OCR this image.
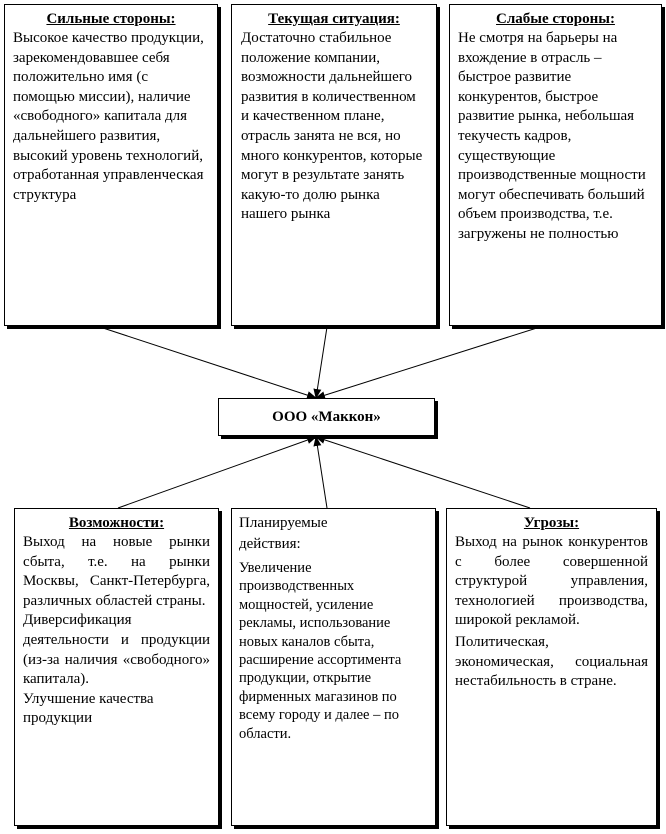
Сильные стороны:

Высокое качество продукции, зарекомендовавшее себя положительно имя (с помощью миссии), наличие «свободного» капитала для дальнейшего развития, высокий уровень технологий, отработанная управленческая структура

Текущая ситуация:

Достаточно стабильное положение компании, возможности дальнейшего развития в количественном и качественном плане, отрасль занята не вся, но много конкурентов, которые могут в результате занять какую-то долю рынка нашего рынка

Слабые стороны:

Не смотря на барьеры на вхождение в отрасль – быстрое развитие конкурентов, быстрое развитие рынка, небольшая текучесть кадров, существующие производственные мощности могут обеспечивать больший объем производства, т.е. загружены не полностью

ООО «Маккон»
Возможности:

Выход на новые рынки сбыта, т.е. на рынки Москвы, Санкт-Петербурга, различных областей страны.

Диверсификация деятельности и продукции (из-за наличия «свободного» капитала).

Улучшение качества продукции

Планируемые
действия:

Увеличение производственных мощностей, усиление рекламы, использование новых каналов сбыта, расширение ассортимента продукции, открытие фирменных магазинов по всему городу и далее – по области.

Угрозы:

Выход на рынок конкурентов с более совершенной структурой управления, технологией производства, широкой рекламой.

Политическая, экономическая, социальная нестабильность в стране.
